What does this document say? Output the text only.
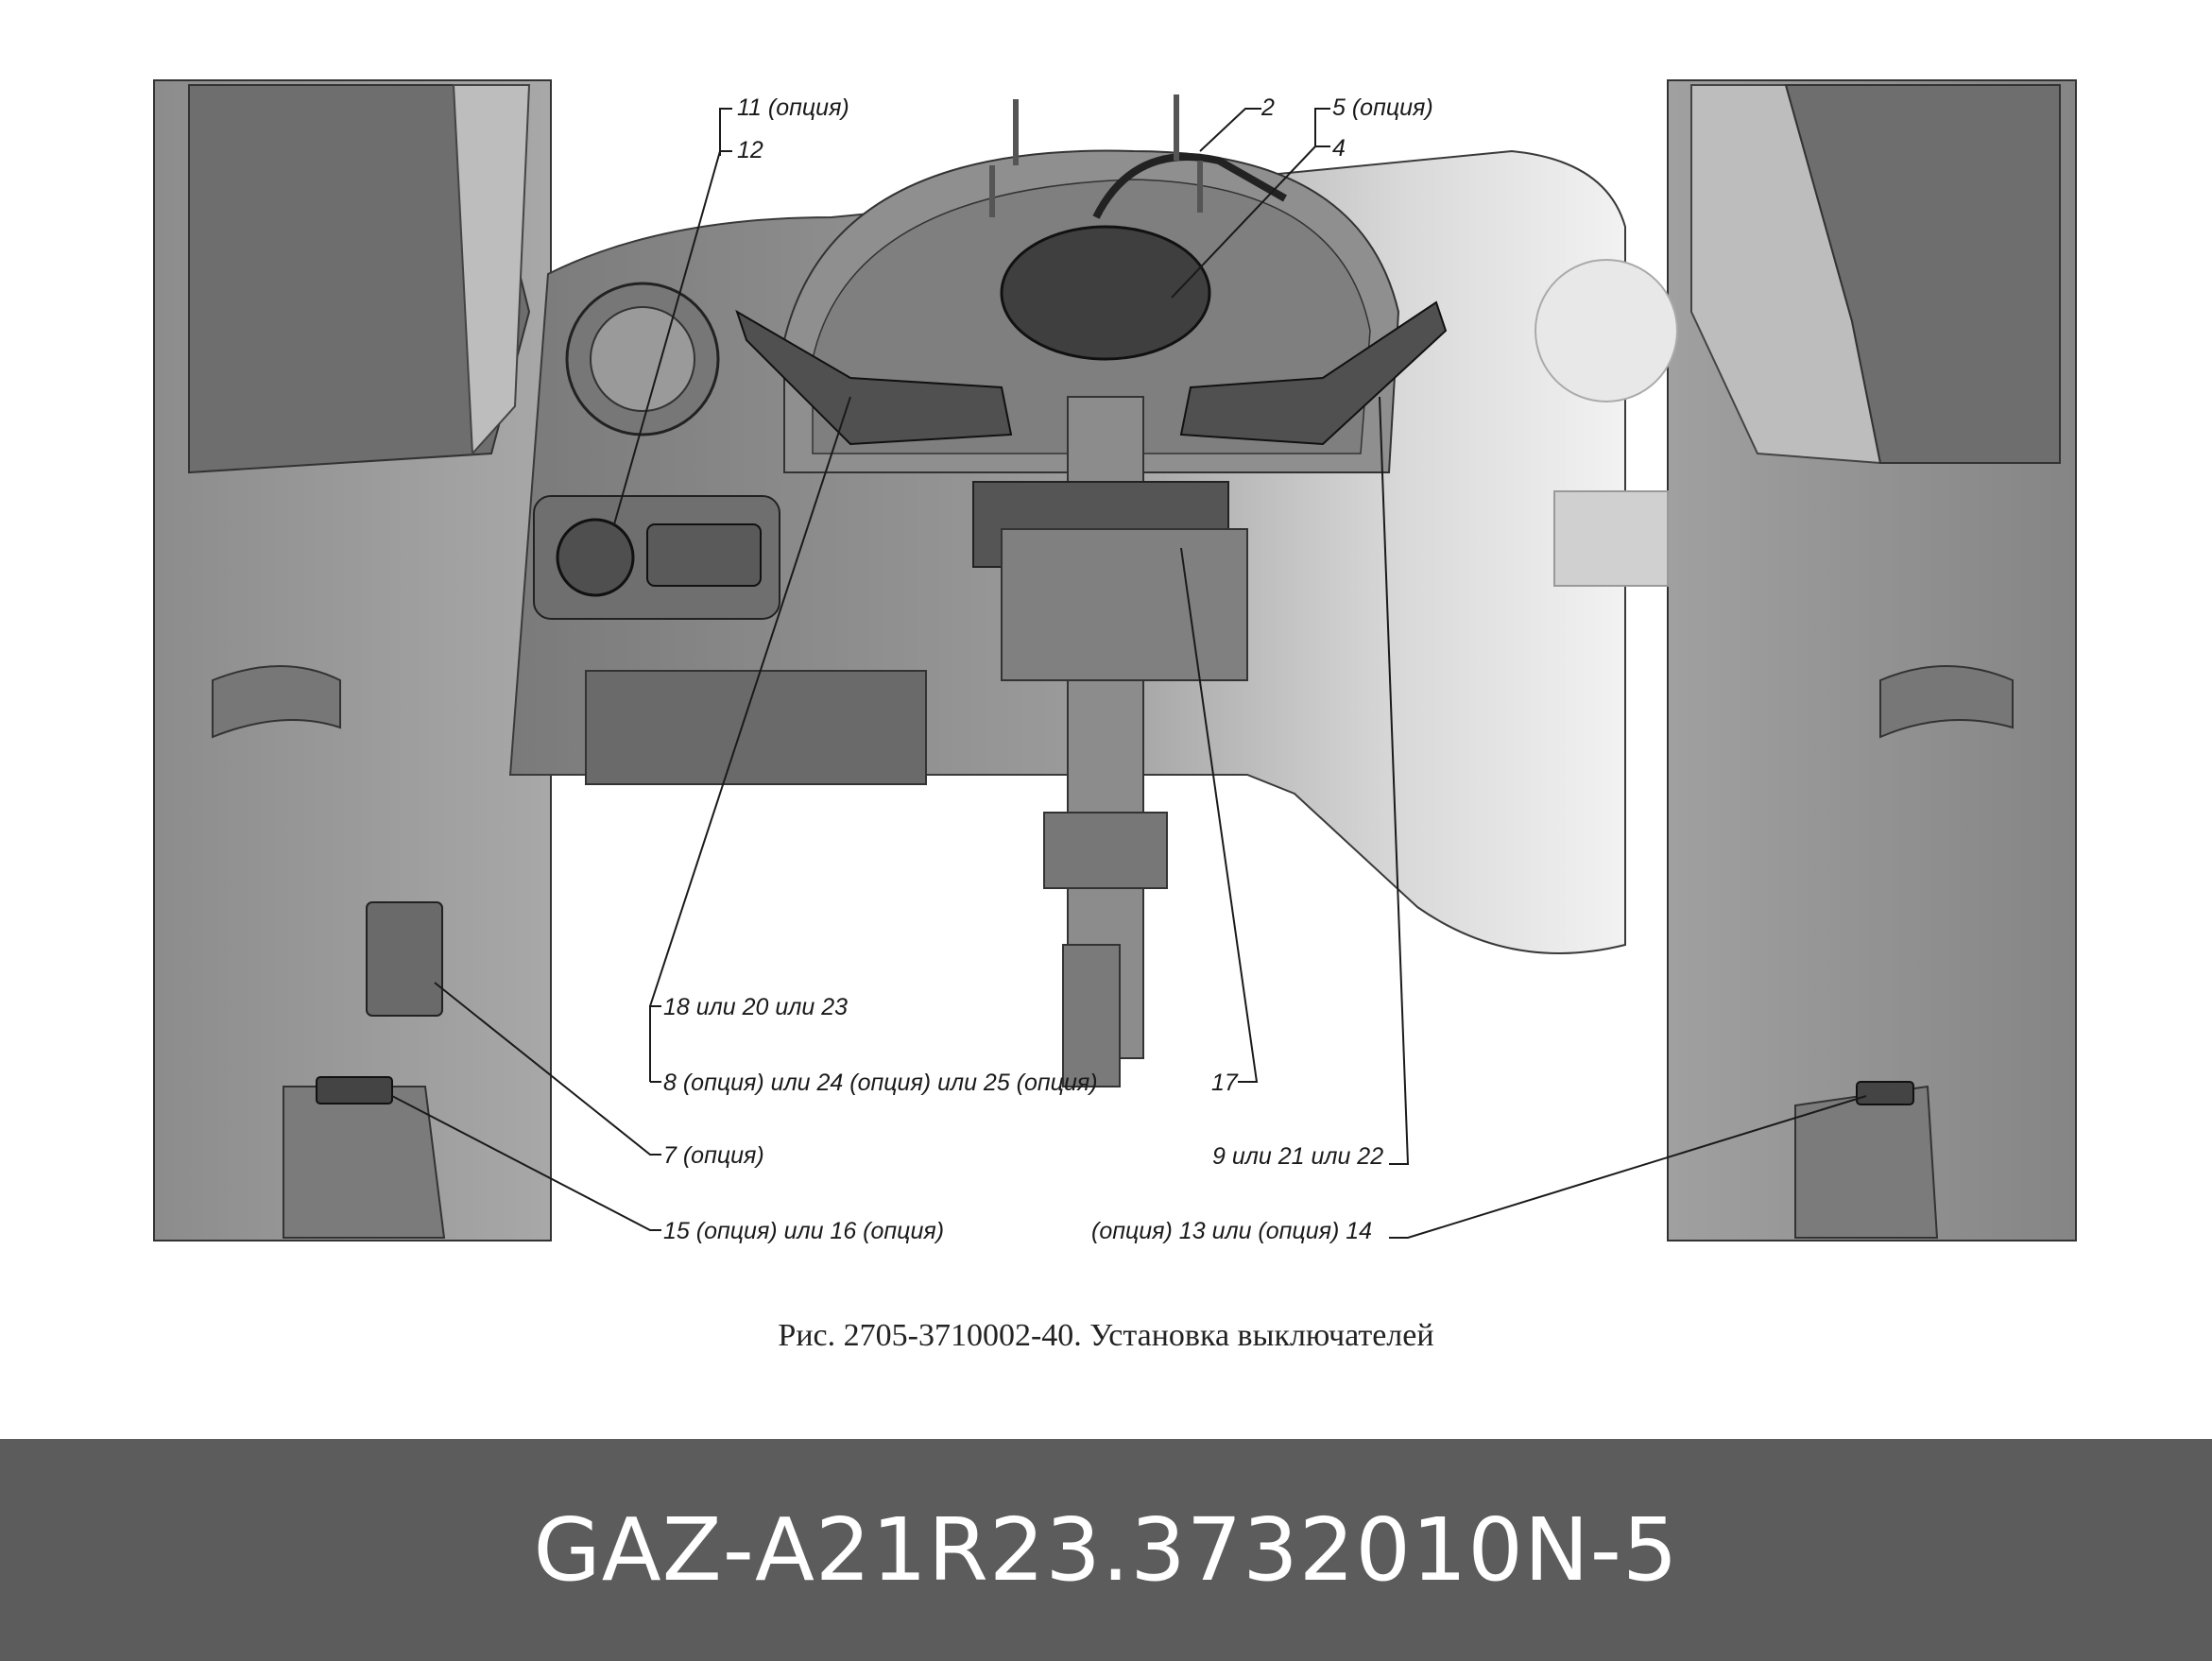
11 (опция)
12
2 5 (опция)
4
18 или 20 или 23
8 (опция) или 24 (опция) или 25 (опция)	17
7 (опция)	9 или 21 или 22
15 (опция) или 16 (опция)	(опция) 13 или (опция) 14
Рис. 2705-3710002-40. Установка выключателей
GAZ - A21R23.3732010 N - 5
